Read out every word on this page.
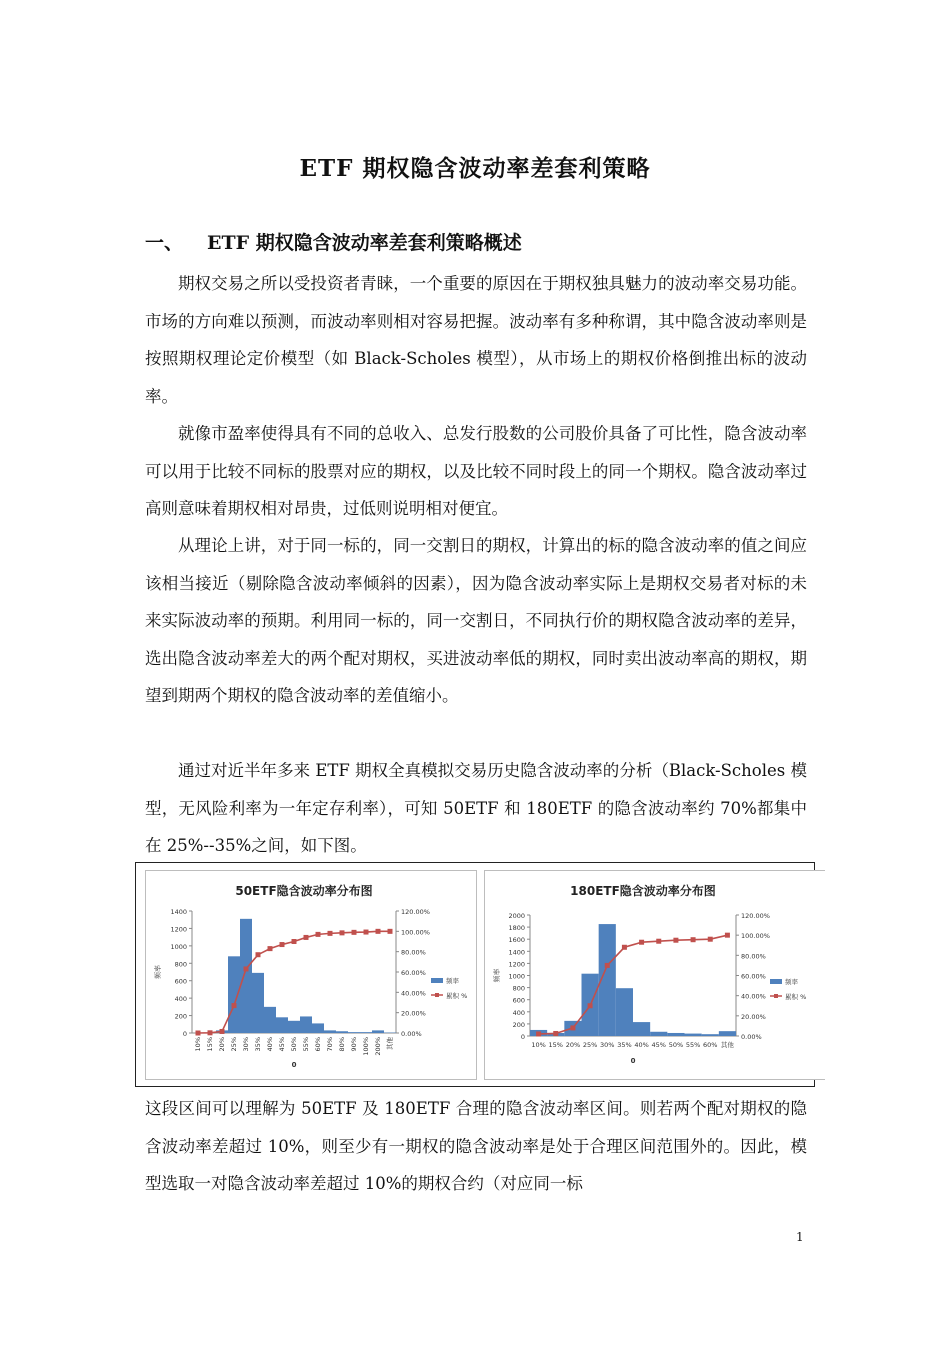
ETF 期权隐含波动率差套利策略
一、 ETF 期权隐含波动率差套利策略概述
期权交易之所以受投资者青睐，一个重要的原因在于期权独具魅力的波动率交易功能。市场的方向难以预测，而波动率则相对容易把握。波动率有多种称谓，其中隐含波动率则是按照期权理论定价模型（如 Black-Scholes 模型），从市场上的期权价格倒推出标的波动率。
就像市盈率使得具有不同的总收入、总发行股数的公司股价具备了可比性，隐含波动率可以用于比较不同标的股票对应的期权，以及比较不同时段上的同一个期权。隐含波动率过高则意味着期权相对昂贵，过低则说明相对便宜。
从理论上讲，对于同一标的，同一交割日的期权，计算出的标的隐含波动率的值之间应该相当接近（剔除隐含波动率倾斜的因素），因为隐含波动率实际上是期权交易者对标的未来实际波动率的预期。利用同一标的，同一交割日，不同执行价的期权隐含波动率的差异，选出隐含波动率差大的两个配对期权，买进波动率低的期权，同时卖出波动率高的期权，期望到期两个期权的隐含波动率的差值缩小。
通过对近半年多来 ETF 期权全真模拟交易历史隐含波动率的分析（Black-Scholes 模型，无风险利率为一年定存利率），可知 50ETF 和 180ETF 的隐含波动率约 70%都集中在 25%--35%之间，如下图。
50ETF隐含波动率分布图
0
200
400
600
800
1000
1200
1400
0.00%
20.00%
40.00%
60.00%
80.00%
100.00%
120.00%
频率
10% 15% 20% 25% 30% 35% 40% 45% 50% 55% 60% 70% 80% 90% 100% 200% 其他
0
频率
累积 %
180ETF隐含波动率分布图
0
200
400
600
800
1000
1200
1400
1600
1800
2000
0.00%
20.00%
40.00%
60.00%
80.00%
100.00%
120.00%
频率
10% 15% 20% 25% 30% 35% 40% 45% 50% 55% 60% 其他
0
频率
累积 %
这段区间可以理解为 50ETF 及 180ETF 合理的隐含波动率区间。则若两个配对期权的隐含波动率差超过 10%，则至少有一期权的隐含波动率是处于合理区间范围外的。因此，模型选取一对隐含波动率差超过 10%的期权合约（对应同一标
1
